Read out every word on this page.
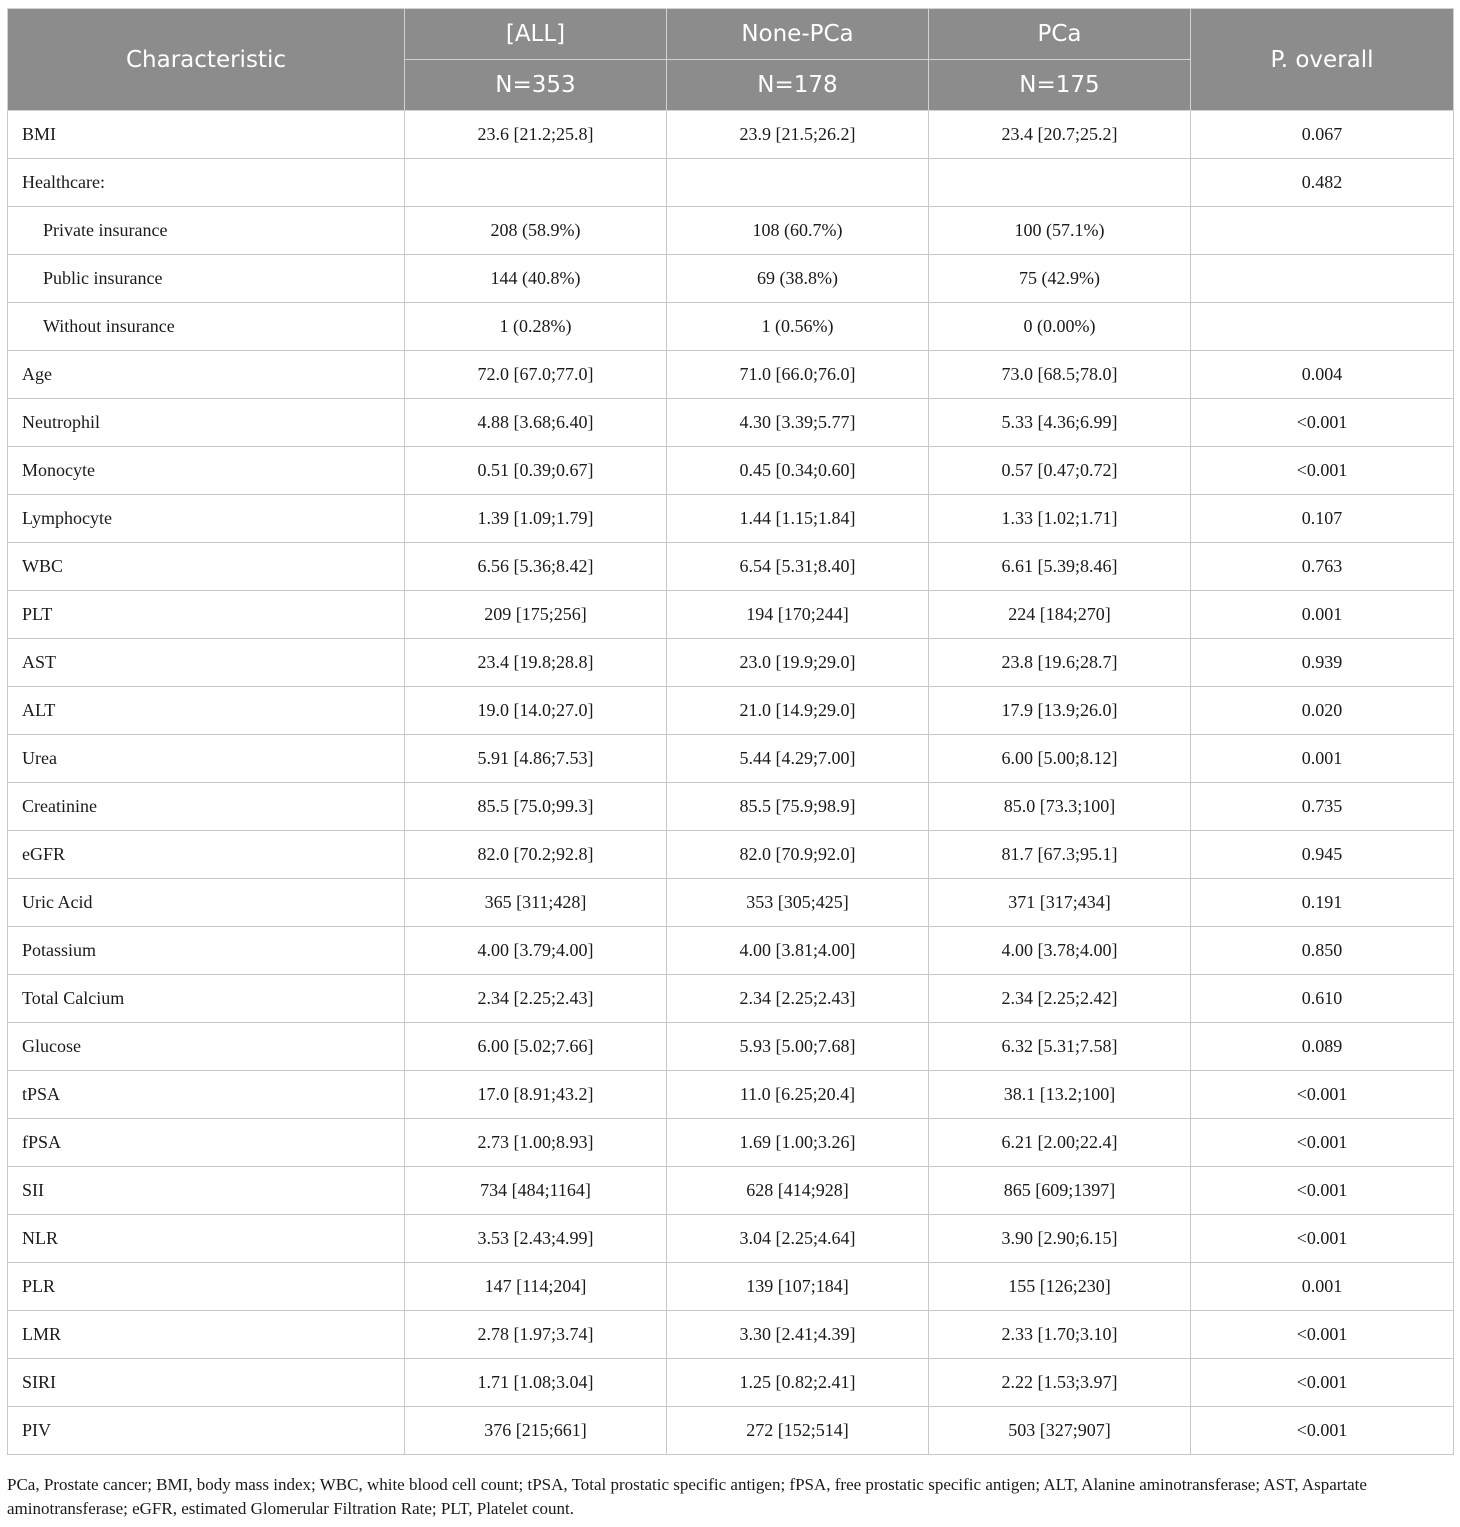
Characteristic	[ALL]	None-PCa	PCa	P. overall
	N=353	N=178	N=175	
BMI	23.6 [21.2;25.8]	23.9 [21.5;26.2]	23.4 [20.7;25.2]	0.067
Healthcare:				0.482
Private insurance	208 (58.9%)	108 (60.7%)	100 (57.1%)	
Public insurance	144 (40.8%)	69 (38.8%)	75 (42.9%)	
Without insurance	1 (0.28%)	1 (0.56%)	0 (0.00%)	
Age	72.0 [67.0;77.0]	71.0 [66.0;76.0]	73.0 [68.5;78.0]	0.004
Neutrophil	4.88 [3.68;6.40]	4.30 [3.39;5.77]	5.33 [4.36;6.99]	<0.001
Monocyte	0.51 [0.39;0.67]	0.45 [0.34;0.60]	0.57 [0.47;0.72]	<0.001
Lymphocyte	1.39 [1.09;1.79]	1.44 [1.15;1.84]	1.33 [1.02;1.71]	0.107
WBC	6.56 [5.36;8.42]	6.54 [5.31;8.40]	6.61 [5.39;8.46]	0.763
PLT	209 [175;256]	194 [170;244]	224 [184;270]	0.001
AST	23.4 [19.8;28.8]	23.0 [19.9;29.0]	23.8 [19.6;28.7]	0.939
ALT	19.0 [14.0;27.0]	21.0 [14.9;29.0]	17.9 [13.9;26.0]	0.020
Urea	5.91 [4.86;7.53]	5.44 [4.29;7.00]	6.00 [5.00;8.12]	0.001
Creatinine	85.5 [75.0;99.3]	85.5 [75.9;98.9]	85.0 [73.3;100]	0.735
eGFR	82.0 [70.2;92.8]	82.0 [70.9;92.0]	81.7 [67.3;95.1]	0.945
Uric Acid	365 [311;428]	353 [305;425]	371 [317;434]	0.191
Potassium	4.00 [3.79;4.00]	4.00 [3.81;4.00]	4.00 [3.78;4.00]	0.850
Total Calcium	2.34 [2.25;2.43]	2.34 [2.25;2.43]	2.34 [2.25;2.42]	0.610
Glucose	6.00 [5.02;7.66]	5.93 [5.00;7.68]	6.32 [5.31;7.58]	0.089
tPSA	17.0 [8.91;43.2]	11.0 [6.25;20.4]	38.1 [13.2;100]	<0.001
fPSA	2.73 [1.00;8.93]	1.69 [1.00;3.26]	6.21 [2.00;22.4]	<0.001
SII	734 [484;1164]	628 [414;928]	865 [609;1397]	<0.001
NLR	3.53 [2.43;4.99]	3.04 [2.25;4.64]	3.90 [2.90;6.15]	<0.001
PLR	147 [114;204]	139 [107;184]	155 [126;230]	0.001
LMR	2.78 [1.97;3.74]	3.30 [2.41;4.39]	2.33 [1.70;3.10]	<0.001
SIRI	1.71 [1.08;3.04]	1.25 [0.82;2.41]	2.22 [1.53;3.97]	<0.001
PIV	376 [215;661]	272 [152;514]	503 [327;907]	<0.001
PCa, Prostate cancer; BMI, body mass index; WBC, white blood cell count; tPSA, Total prostatic specific antigen; fPSA, free prostatic specific antigen; ALT, Alanine aminotransferase; AST, Aspartate aminotransferase; eGFR, estimated Glomerular Filtration Rate; PLT, Platelet count.
